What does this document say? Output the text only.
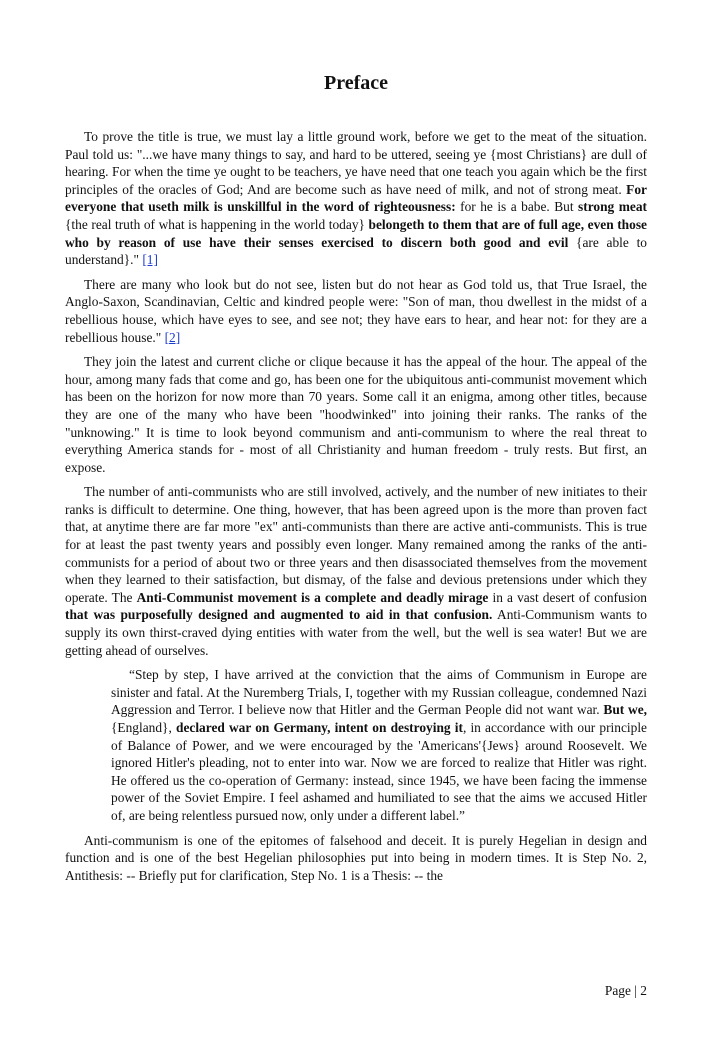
Preface

To prove the title is true, we must lay a little ground work, before we get to the meat of the situation. Paul told us: "...we have many things to say, and hard to be uttered, seeing ye {most Christians} are dull of hearing. For when the time ye ought to be teachers, ye have need that one teach you again which be the first principles of the oracles of God; And are become such as have need of milk, and not of strong meat. For everyone that useth milk is unskillful in the word of righteousness: for he is a babe. But strong meat {the real truth of what is happening in the world today} belongeth to them that are of full age, even those who by reason of use have their senses exercised to discern both good and evil {are able to understand}." [1]

There are many who look but do not see, listen but do not hear as God told us, that True Israel, the Anglo-Saxon, Scandinavian, Celtic and kindred people were: "Son of man, thou dwellest in the midst of a rebellious house, which have eyes to see, and see not; they have ears to hear, and hear not: for they are a rebellious house." [2]

They join the latest and current cliche or clique because it has the appeal of the hour. The appeal of the hour, among many fads that come and go, has been one for the ubiquitous anti-communist movement which has been on the horizon for now more than 70 years. Some call it an enigma, among other titles, because they are one of the many who have been "hoodwinked" into joining their ranks. The ranks of the "unknowing." It is time to look beyond communism and anti-communism to where the real threat to everything America stands for - most of all Christianity and human freedom - truly rests. But first, an expose.

The number of anti-communists who are still involved, actively, and the number of new initiates to their ranks is difficult to determine. One thing, however, that has been agreed upon is the more than proven fact that, at anytime there are far more "ex" anti-communists than there are active anti-communists. This is true for at least the past twenty years and possibly even longer. Many remained among the ranks of the anti-communists for a period of about two or three years and then disassociated themselves from the movement when they learned to their satisfaction, but dismay, of the false and devious pretensions under which they operate. The Anti-Communist movement is a complete and deadly mirage in a vast desert of confusion that was purposefully designed and augmented to aid in that confusion. Anti-Communism wants to supply its own thirst-craved dying entities with water from the well, but the well is sea water! But we are getting ahead of ourselves.

“Step by step, I have arrived at the conviction that the aims of Communism in Europe are sinister and fatal. At the Nuremberg Trials, I, together with my Russian colleague, condemned Nazi Aggression and Terror. I believe now that Hitler and the German People did not want war. But we, {England}, declared war on Germany, intent on destroying it, in accordance with our principle of Balance of Power, and we were encouraged by the 'Americans'{Jews} around Roosevelt. We ignored Hitler's pleading, not to enter into war. Now we are forced to realize that Hitler was right. He offered us the co-operation of Germany: instead, since 1945, we have been facing the immense power of the Soviet Empire. I feel ashamed and humiliated to see that the aims we accused Hitler of, are being relentless pursued now, only under a different label.”

Anti-communism is one of the epitomes of falsehood and deceit. It is purely Hegelian in design and function and is one of the best Hegelian philosophies put into being in modern times. It is Step No. 2, Antithesis: -- Briefly put for clarification, Step No. 1 is a Thesis: -- the

Page | 2
